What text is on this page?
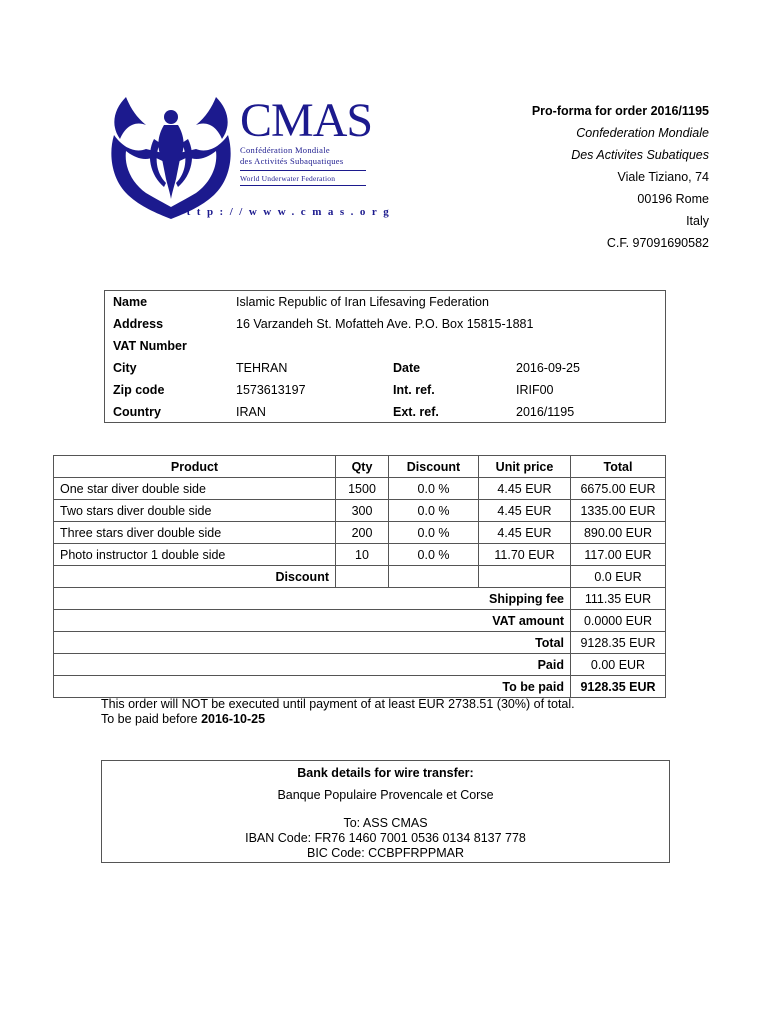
CMAS
Confédération Mondiale
des Activités Subaquatiques
World Underwater Federation
http://www.cmas.org
Pro-forma for order 2016/1195
Confederation Mondiale
Des Activites Subatiques
Viale Tiziano, 74
00196 Rome
Italy
C.F. 97091690582
Name	Islamic Republic of Iran Lifesaving Federation
Address	16 Varzandeh St. Mofatteh Ave. P.O. Box 15815-1881
VAT Number
City	TEHRAN	Date	2016-09-25
Zip code	1573613197	Int. ref.	IRIF00
Country	IRAN	Ext. ref.	2016/1195
Product	Qty	Discount	Unit price	Total
One star diver double side	1500	0.0 %	4.45 EUR	6675.00 EUR
Two stars diver double side	300	0.0 %	4.45 EUR	1335.00 EUR
Three stars diver double side	200	0.0 %	4.45 EUR	890.00 EUR
Photo instructor 1 double side	10	0.0 %	11.70 EUR	117.00 EUR
Discount				0.0 EUR
Shipping fee				111.35 EUR
VAT amount				0.0000 EUR
Total				9128.35 EUR
Paid				0.00 EUR
To be paid				9128.35 EUR
This order will NOT be executed until payment of at least EUR 2738.51 (30%) of total.
To be paid before 2016-10-25
Bank details for wire transfer:
Banque Populaire Provencale et Corse
To: ASS CMAS
IBAN Code: FR76 1460 7001 0536 0134 8137 778
BIC Code: CCBPFRPPMAR
